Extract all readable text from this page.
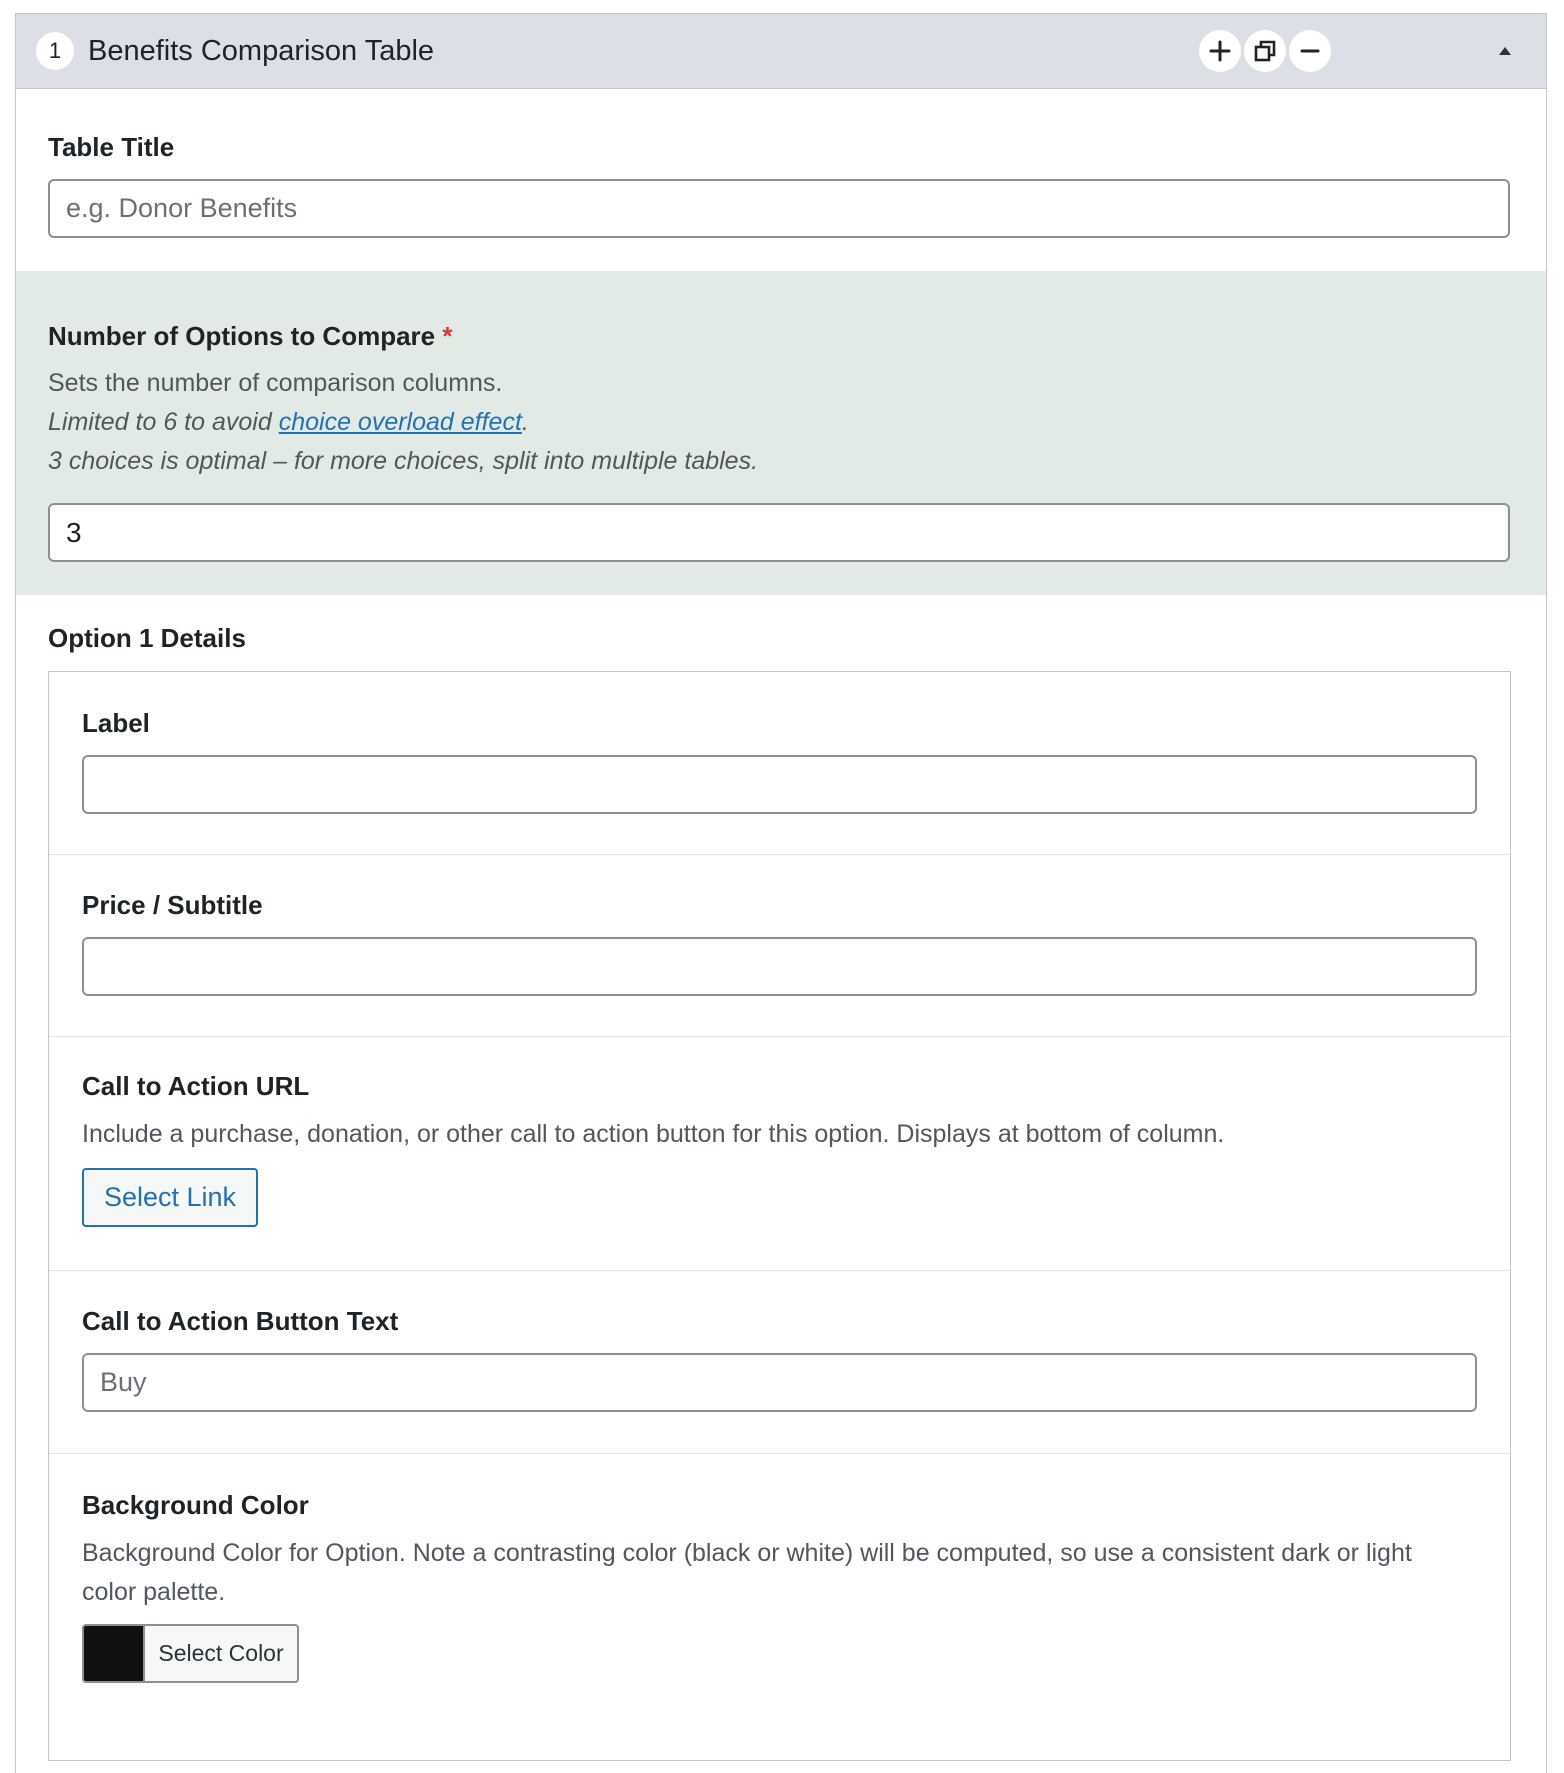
1 Benefits Comparison Table

Table Title

e.g. Donor Benefits

Number of Options to Compare *

Sets the number of comparison columns.

Limited to 6 to avoid choice overload effect.

3 choices is optimal – for more choices, split into multiple tables.

3

Option 1 Details

Label

Price / Subtitle

Call to Action URL

Include a purchase, donation, or other call to action button for this option. Displays at bottom of column.

Select Link

Call to Action Button Text

Buy

Background Color

Background Color for Option. Note a contrasting color (black or white) will be computed, so use a consistent dark or light color palette.

Select Color
